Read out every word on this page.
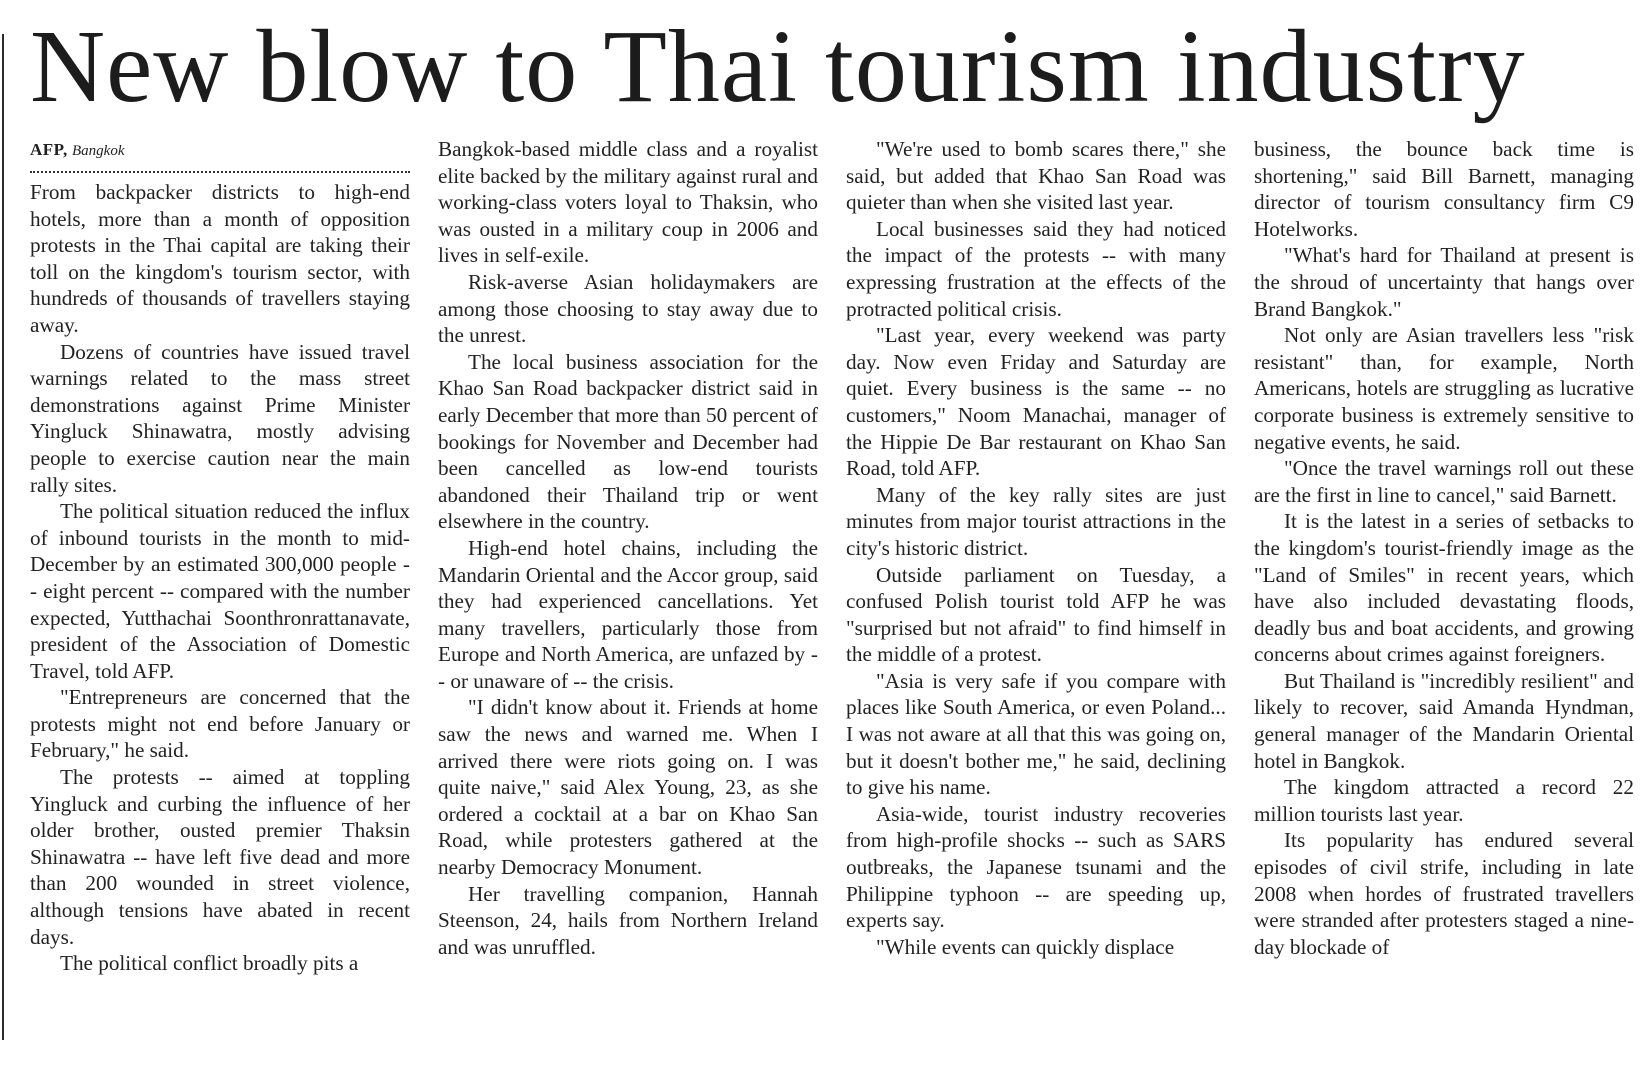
New blow to Thai tourism industry

AFP, Bangkok

From backpacker districts to high-end hotels, more than a month of opposition protests in the Thai capital are taking their toll on the kingdom's tourism sector, with hundreds of thousands of travellers staying away.

Dozens of countries have issued travel warnings related to the mass street demonstrations against Prime Minister Yingluck Shinawatra, mostly advising people to exercise caution near the main rally sites.

The political situation reduced the influx of inbound tourists in the month to mid-December by an estimated 300,000 people -- eight percent -- compared with the number expected, Yutthachai Soonthronrattanavate, president of the Association of Domestic Travel, told AFP.

"Entrepreneurs are concerned that the protests might not end before January or February," he said.

The protests -- aimed at toppling Yingluck and curbing the influence of her older brother, ousted premier Thaksin Shinawatra -- have left five dead and more than 200 wounded in street violence, although tensions have abated in recent days.

The political conflict broadly pits a

Bangkok-based middle class and a royalist elite backed by the military against rural and working-class voters loyal to Thaksin, who was ousted in a military coup in 2006 and lives in self-exile.

Risk-averse Asian holidaymakers are among those choosing to stay away due to the unrest.

The local business association for the Khao San Road backpacker district said in early December that more than 50 percent of bookings for November and December had been cancelled as low-end tourists abandoned their Thailand trip or went elsewhere in the country.

High-end hotel chains, including the Mandarin Oriental and the Accor group, said they had experienced cancellations. Yet many travellers, particularly those from Europe and North America, are unfazed by -- or unaware of -- the crisis.

"I didn't know about it. Friends at home saw the news and warned me. When I arrived there were riots going on. I was quite naive," said Alex Young, 23, as she ordered a cocktail at a bar on Khao San Road, while protesters gathered at the nearby Democracy Monument.

Her travelling companion, Hannah Steenson, 24, hails from Northern Ireland and was unruffled.

"We're used to bomb scares there," she said, but added that Khao San Road was quieter than when she visited last year.

Local businesses said they had noticed the impact of the protests -- with many expressing frustration at the effects of the protracted political crisis.

"Last year, every weekend was party day. Now even Friday and Saturday are quiet. Every business is the same -- no customers," Noom Manachai, manager of the Hippie De Bar restaurant on Khao San Road, told AFP.

Many of the key rally sites are just minutes from major tourist attractions in the city's historic district.

Outside parliament on Tuesday, a confused Polish tourist told AFP he was "surprised but not afraid" to find himself in the middle of a protest.

"Asia is very safe if you compare with places like South America, or even Poland... I was not aware at all that this was going on, but it doesn't bother me," he said, declining to give his name.

Asia-wide, tourist industry recoveries from high-profile shocks -- such as SARS outbreaks, the Japanese tsunami and the Philippine typhoon -- are speeding up, experts say.

"While events can quickly displace

business, the bounce back time is shortening," said Bill Barnett, managing director of tourism consultancy firm C9 Hotelworks.

"What's hard for Thailand at present is the shroud of uncertainty that hangs over Brand Bangkok."

Not only are Asian travellers less "risk resistant" than, for example, North Americans, hotels are struggling as lucrative corporate business is extremely sensitive to negative events, he said.

"Once the travel warnings roll out these are the first in line to cancel," said Barnett.

It is the latest in a series of setbacks to the kingdom's tourist-friendly image as the "Land of Smiles" in recent years, which have also included devastating floods, deadly bus and boat accidents, and growing concerns about crimes against foreigners.

But Thailand is "incredibly resilient" and likely to recover, said Amanda Hyndman, general manager of the Mandarin Oriental hotel in Bangkok.

The kingdom attracted a record 22 million tourists last year.

Its popularity has endured several episodes of civil strife, including in late 2008 when hordes of frustrated travellers were stranded after protesters staged a nine-day blockade of
